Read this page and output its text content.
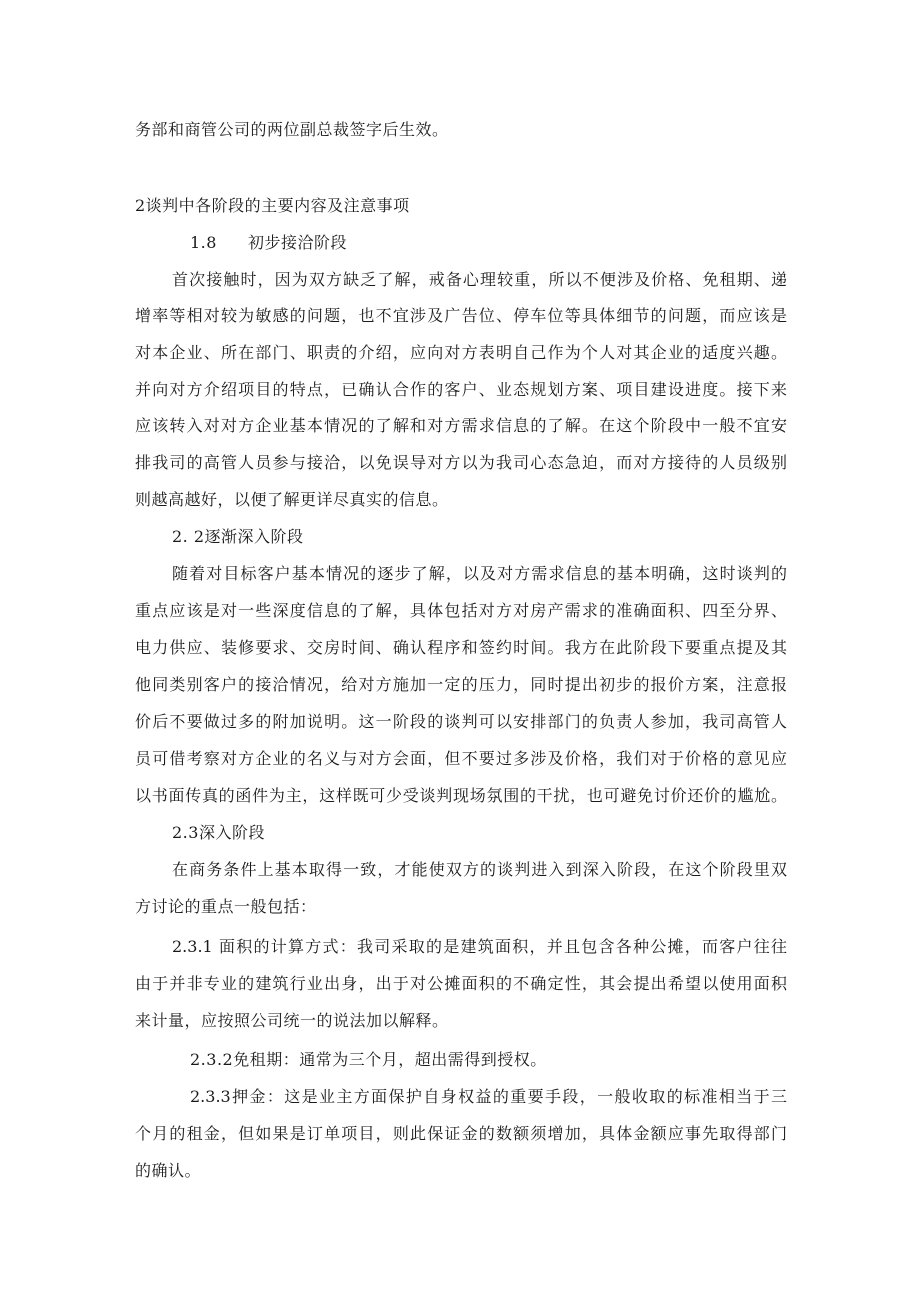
务部和商管公司的两位副总裁签字后生效。
2谈判中各阶段的主要内容及注意事项
1.8 初步接洽阶段
首次接触时，因为双方缺乏了解，戒备心理较重，所以不便涉及价格、免租期、递
增率等相对较为敏感的问题，也不宜涉及广告位、停车位等具体细节的问题，而应该是
对本企业、所在部门、职责的介绍，应向对方表明自己作为个人对其企业的适度兴趣。
并向对方介绍项目的特点，已确认合作的客户、业态规划方案、项目建设进度。接下来
应该转入对对方企业基本情况的了解和对方需求信息的了解。在这个阶段中一般不宜安
排我司的高管人员参与接洽，以免误导对方以为我司心态急迫，而对方接待的人员级别
则越高越好，以便了解更详尽真实的信息。
2. 2逐渐深入阶段
随着对目标客户基本情况的逐步了解，以及对方需求信息的基本明确，这时谈判的
重点应该是对一些深度信息的了解，具体包括对方对房产需求的准确面积、四至分界、
电力供应、装修要求、交房时间、确认程序和签约时间。我方在此阶段下要重点提及其
他同类别客户的接洽情况，给对方施加一定的压力，同时提出初步的报价方案，注意报
价后不要做过多的附加说明。这一阶段的谈判可以安排部门的负责人参加，我司高管人
员可借考察对方企业的名义与对方会面，但不要过多涉及价格，我们对于价格的意见应
以书面传真的函件为主，这样既可少受谈判现场氛围的干扰，也可避免讨价还价的尴尬。
2.3深入阶段
在商务条件上基本取得一致，才能使双方的谈判进入到深入阶段，在这个阶段里双
方讨论的重点一般包括：
2.3.1 面积的计算方式：我司采取的是建筑面积，并且包含各种公摊，而客户往往
由于并非专业的建筑行业出身，出于对公摊面积的不确定性，其会提出希望以使用面积
来计量，应按照公司统一的说法加以解释。
2.3.2免租期：通常为三个月，超出需得到授权。
2.3.3押金：这是业主方面保护自身权益的重要手段，一般收取的标准相当于三
个月的租金，但如果是订单项目，则此保证金的数额须增加，具体金额应事先取得部门
的确认。
